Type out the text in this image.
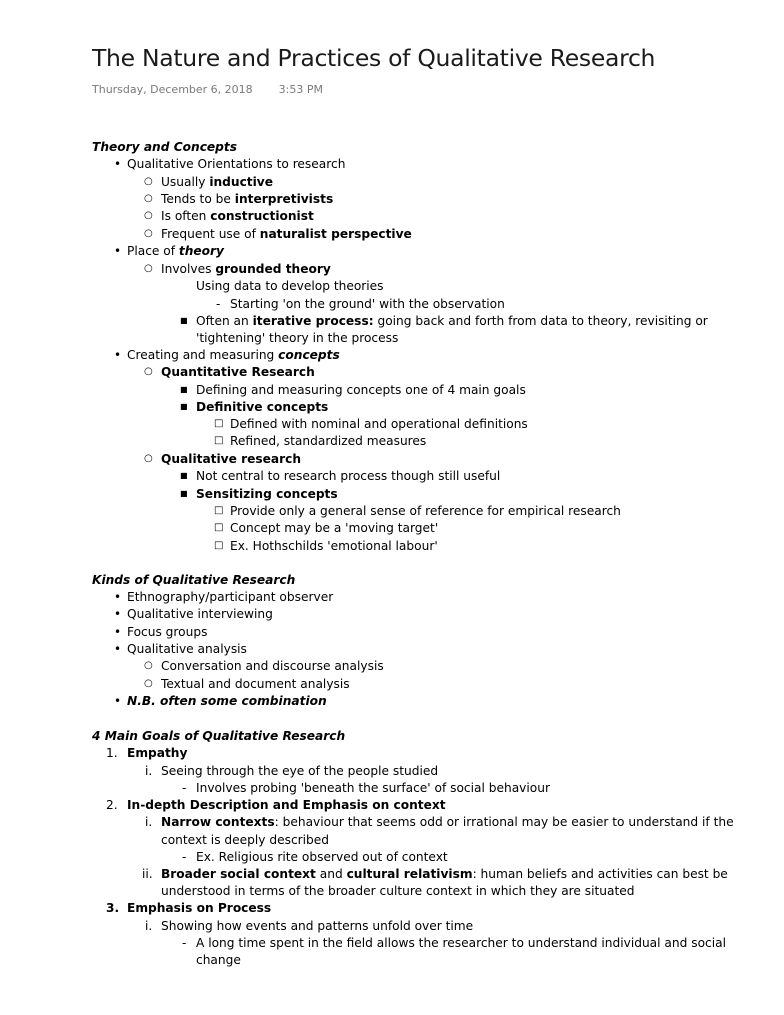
The Nature and Practices of Qualitative Research
Thursday, December 6, 2018 3:53 PM
Theory and Concepts
• Qualitative Orientations to research
○ Usually inductive
○ Tends to be interpretivists
○ Is often constructionist
○ Frequent use of naturalist perspective
• Place of theory
○ Involves grounded theory
Using data to develop theories
- Starting 'on the ground' with the observation
■ Often an iterative process: going back and forth from data to theory, revisiting or
'tightening' theory in the process
• Creating and measuring concepts
○ Quantitative Research
■ Defining and measuring concepts one of 4 main goals
■ Definitive concepts
□ Defined with nominal and operational definitions
□ Refined, standardized measures
○ Qualitative research
■ Not central to research process though still useful
■ Sensitizing concepts
□ Provide only a general sense of reference for empirical research
□ Concept may be a 'moving target'
□ Ex. Hothschilds 'emotional labour'
Kinds of Qualitative Research
• Ethnography/participant observer
• Qualitative interviewing
• Focus groups
• Qualitative analysis
○ Conversation and discourse analysis
○ Textual and document analysis
• N.B. often some combination
4 Main Goals of Qualitative Research
1. Empathy
i. Seeing through the eye of the people studied
- Involves probing 'beneath the surface' of social behaviour
2. In-depth Description and Emphasis on context
i. Narrow contexts: behaviour that seems odd or irrational may be easier to understand if the
context is deeply described
- Ex. Religious rite observed out of context
ii. Broader social context and cultural relativism: human beliefs and activities can best be
understood in terms of the broader culture context in which they are situated
3. Emphasis on Process
i. Showing how events and patterns unfold over time
- A long time spent in the field allows the researcher to understand individual and social
change
